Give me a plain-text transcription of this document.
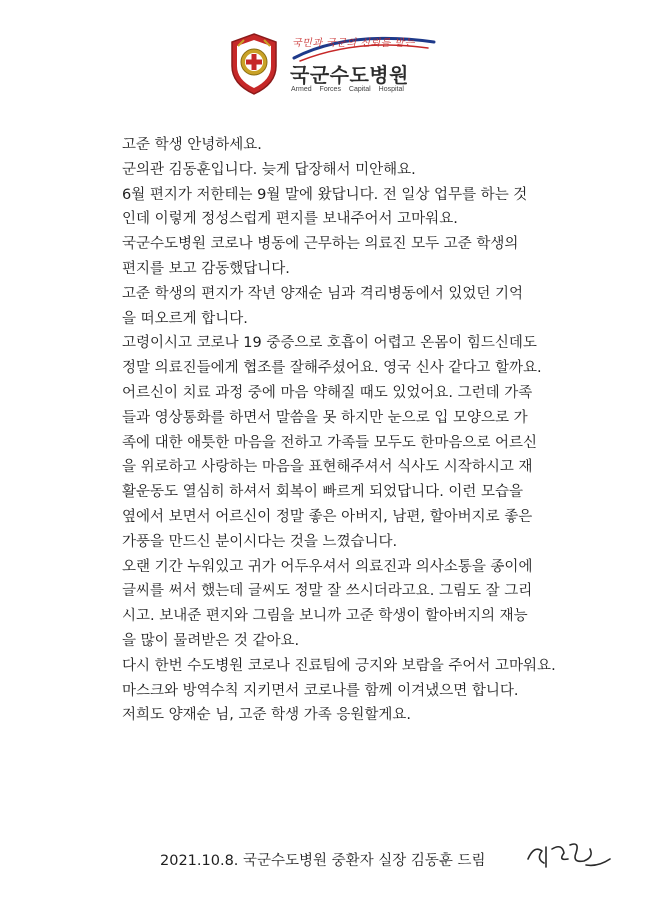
국민과 국군의 신뢰를 받는
국군수도병원
Armed Forces Capital Hospital
고준 학생 안녕하세요.
군의관 김동훈입니다. 늦게 답장해서 미안해요.
6월 편지가 저한테는 9월 말에 왔답니다. 전 일상 업무를 하는 것
인데 이렇게 정성스럽게 편지를 보내주어서 고마워요.
국군수도병원 코로나 병동에 근무하는 의료진 모두 고준 학생의
편지를 보고 감동했답니다.
고준 학생의 편지가 작년 양재순 님과 격리병동에서 있었던 기억
을 떠오르게 합니다.
고령이시고 코로나 19 중증으로 호흡이 어렵고 온몸이 힘드신데도
정말 의료진들에게 협조를 잘해주셨어요. 영국 신사 같다고 할까요.
어르신이 치료 과정 중에 마음 약해질 때도 있었어요. 그런데 가족
들과 영상통화를 하면서 말씀을 못 하지만 눈으로 입 모양으로 가
족에 대한 애틋한 마음을 전하고 가족들 모두도 한마음으로 어르신
을 위로하고 사랑하는 마음을 표현해주셔서 식사도 시작하시고 재
활운동도 열심히 하셔서 회복이 빠르게 되었답니다. 이런 모습을
옆에서 보면서 어르신이 정말 좋은 아버지, 남편, 할아버지로 좋은
가풍을 만드신 분이시다는 것을 느꼈습니다.
오랜 기간 누워있고 귀가 어두우셔서 의료진과 의사소통을 종이에
글씨를 써서 했는데 글씨도 정말 잘 쓰시더라고요. 그림도 잘 그리
시고. 보내준 편지와 그림을 보니까 고준 학생이 할아버지의 재능
을 많이 물려받은 것 같아요.
다시 한번 수도병원 코로나 진료팀에 긍지와 보람을 주어서 고마워요.
마스크와 방역수칙 지키면서 코로나를 함께 이겨냈으면 합니다.
저희도 양재순 님, 고준 학생 가족 응원할게요.
2021.10.8. 국군수도병원 중환자 실장 김동훈 드림
